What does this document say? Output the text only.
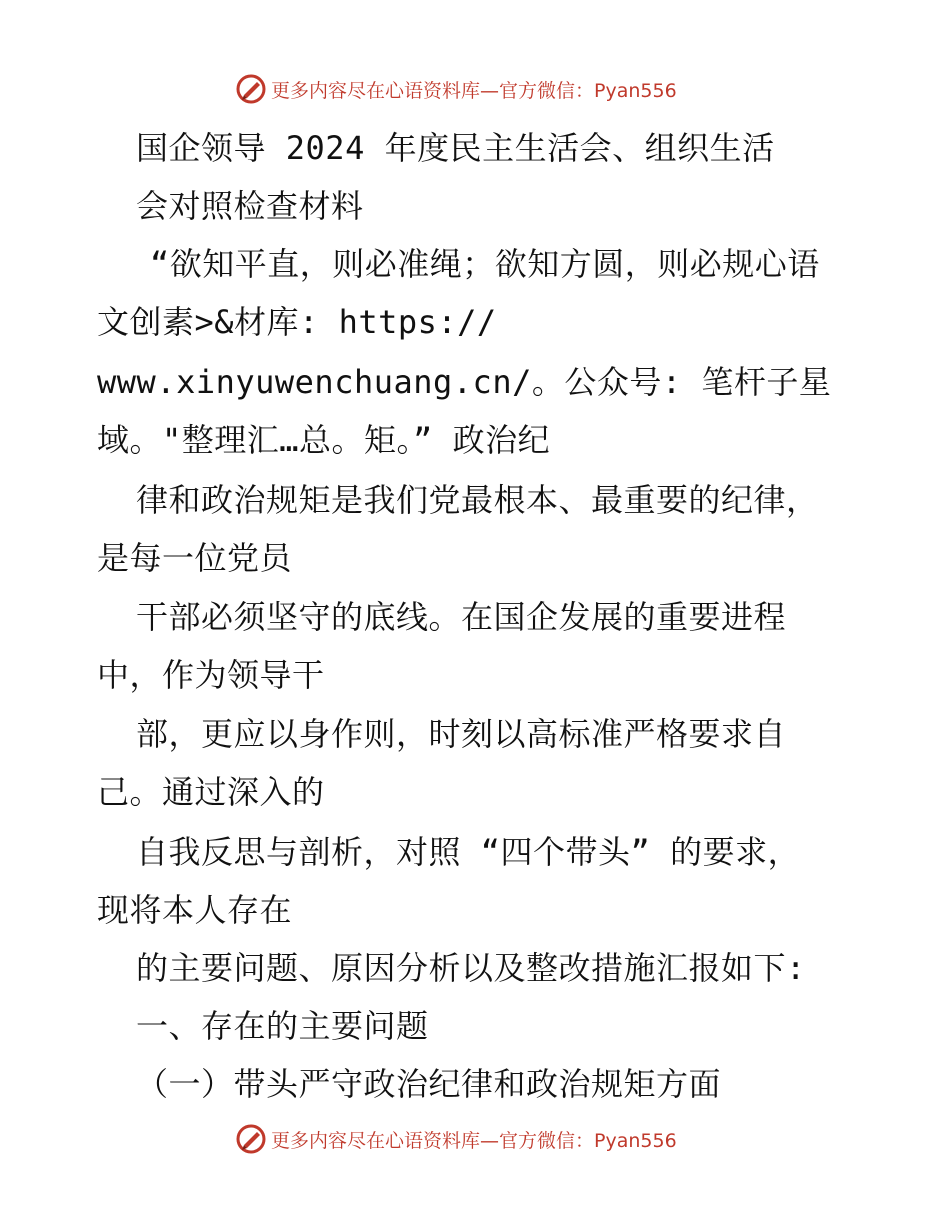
更多内容尽在心语资料库—官方微信：Pyan556
国企领导 2024 年度民主生活会、组织生活
会对照检查材料
“欲知平直，则必准绳；欲知方圆，则必规心语
文创素>&材库: https://
www.xinyuwenchuang.cn/。公众号: 笔杆子星
域。"整理汇…总。矩。” 政治纪
律和政治规矩是我们党最根本、最重要的纪律，
是每一位党员
干部必须坚守的底线。在国企发展的重要进程
中，作为领导干
部，更应以身作则，时刻以高标准严格要求自
己。通过深入的
自我反思与剖析，对照 “四个带头” 的要求，
现将本人存在
的主要问题、原因分析以及整改措施汇报如下:
一、存在的主要问题
（一）带头严守政治纪律和政治规矩方面
更多内容尽在心语资料库—官方微信：Pyan556
